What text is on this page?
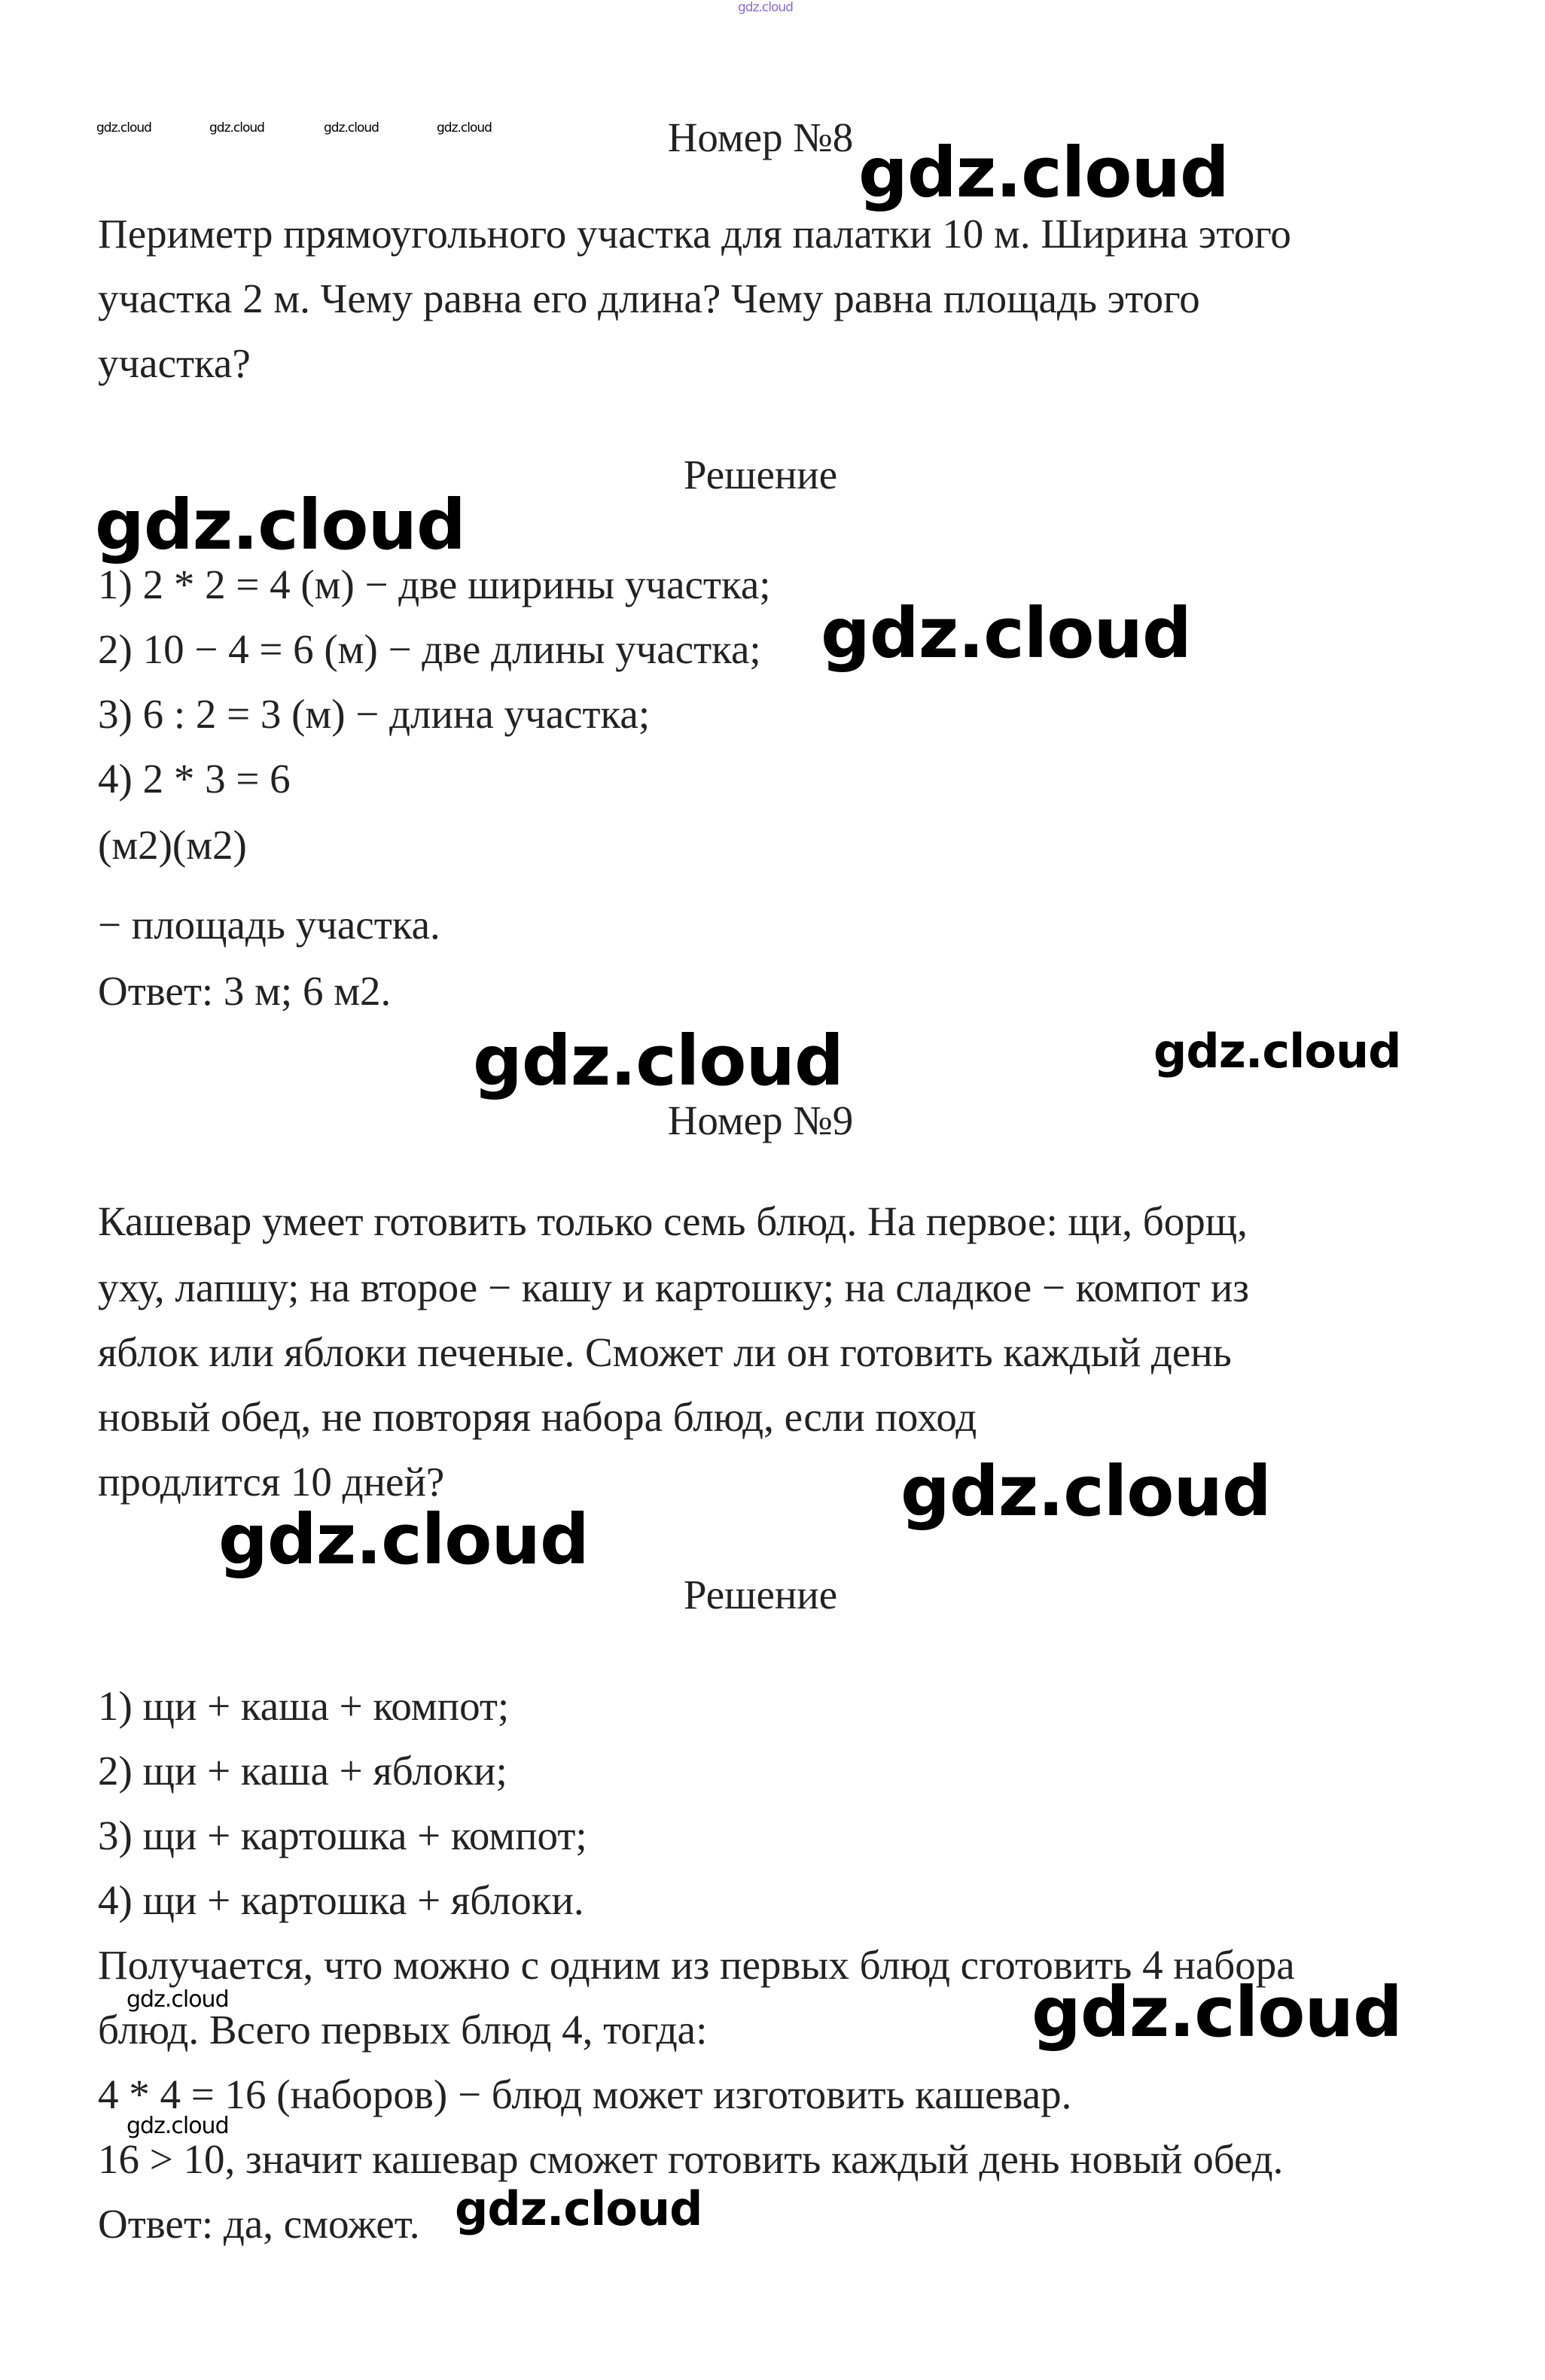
gdz.cloud
gdz.cloud	gdz.cloud	gdz.cloud	gdz.cloud	Номер №8 gdz.cloud
Периметр прямоугольного участка для палатки 10 м. Ширина этого
участка 2 м. Чему равна его длина? Чему равна площадь этого
участка?
Решение
gdz.cloud
1) 2 * 2 = 4 (м) − две ширины участка;
2) 10 − 4 = 6 (м) − две длины участка; gdz.cloud
3) 6 : 2 = 3 (м) − длина участка;
4) 2 * 3 = 6
(м2)(м2)
− площадь участка.
Ответ: 3 м; 6 м2.
gdz.cloud	gdz.cloud
Номер №9
Кашевар умеет готовить только семь блюд. На первое: щи, борщ,
уху, лапшу; на второе − кашу и картошку; на сладкое − компот из
яблок или яблоки печеные. Сможет ли он готовить каждый день
новый обед, не повторяя набора блюд, если поход
продлится 10 дней?	gdz.cloud
gdz.cloud
Решение
1) щи + каша + компот;
2) щи + каша + яблоки;
3) щи + картошка + компот;
4) щи + картошка + яблоки.
Получается, что можно с одним из первых блюд сготовить 4 набора
gdz.cloud
блюд. Всего первых блюд 4, тогда:	gdz.cloud
4 * 4 = 16 (наборов) − блюд может изготовить кашевар.
gdz.cloud
16 > 10, значит кашевар сможет готовить каждый день новый обед.
Ответ: да, сможет. gdz.cloud
